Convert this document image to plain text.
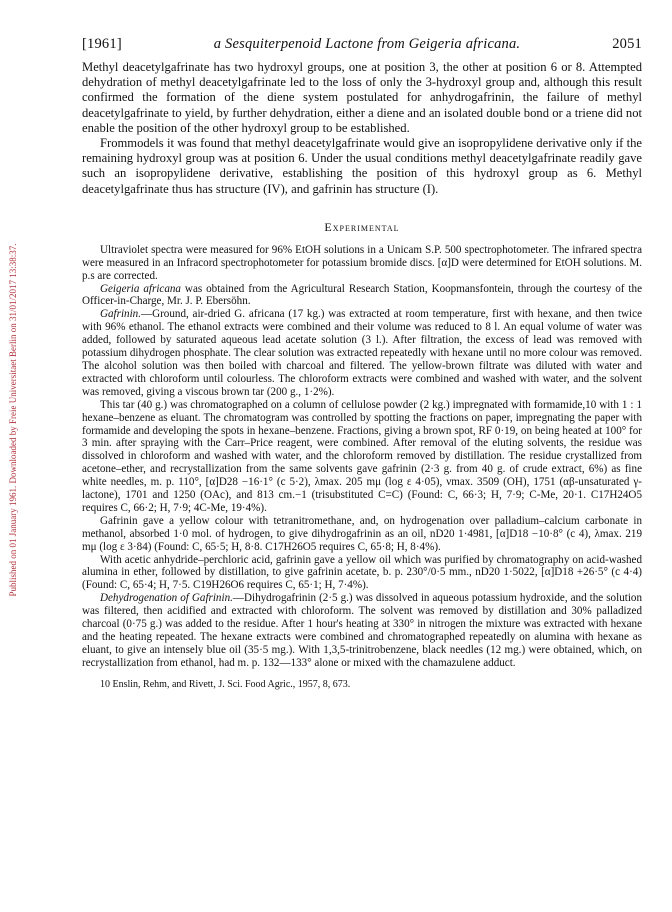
Published on 01 January 1961. Downloaded by Freie Universitaet Berlin on 31/01/2017 13:38:37.
[1961]	a Sesquiterpenoid Lactone from Geigeria africana.	2051

Methyl deacetylgafrinate has two hydroxyl groups, one at position 3, the other at position 6 or 8. Attempted dehydration of methyl deacetylgafrinate led to the loss of only the 3-hydroxyl group and, although this result confirmed the formation of the diene system postulated for anhydrogafrinin, the failure of methyl deacetylgafrinate to yield, by further dehydration, either a diene and an isolated double bond or a triene did not enable the position of the other hydroxyl group to be established.

Frommodels it was found that methyl deacetylgafrinate would give an isopropylidene derivative only if the remaining hydroxyl group was at position 6. Under the usual conditions methyl deacetylgafrinate readily gave such an isopropylidene derivative, establishing the position of this hydroxyl group as 6. Methyl deacetylgafrinate thus has structure (IV), and gafrinin has structure (I).

Experimental

Ultraviolet spectra were measured for 96% EtOH solutions in a Unicam S.P. 500 spectrophotometer. The infrared spectra were measured in an Infracord spectrophotometer for potassium bromide discs. [α]D were determined for EtOH solutions. M. p.s are corrected.

Geigeria africana was obtained from the Agricultural Research Station, Koopmansfontein, through the courtesy of the Officer-in-Charge, Mr. J. P. Ebersöhn.

Gafrinin.—Ground, air-dried G. africana (17 kg.) was extracted at room temperature, first with hexane, and then twice with 96% ethanol. The ethanol extracts were combined and their volume was reduced to 8 l. An equal volume of water was added, followed by saturated aqueous lead acetate solution (3 l.). After filtration, the excess of lead was removed with potassium dihydrogen phosphate. The clear solution was extracted repeatedly with hexane until no more colour was removed. The alcohol solution was then boiled with charcoal and filtered. The yellow-brown filtrate was diluted with water and extracted with chloroform until colourless. The chloroform extracts were combined and washed with water, and the solvent was removed, giving a viscous brown tar (200 g., 1·2%).

This tar (40 g.) was chromatographed on a column of cellulose powder (2 kg.) impregnated with formamide,10 with 1 : 1 hexane–benzene as eluant. The chromatogram was controlled by spotting the fractions on paper, impregnating the paper with formamide and developing the spots in hexane–benzene. Fractions, giving a brown spot, RF 0·19, on being heated at 100° for 3 min. after spraying with the Carr–Price reagent, were combined. After removal of the eluting solvents, the residue was dissolved in chloroform and washed with water, and the chloroform removed by distillation. The residue crystallized from acetone–ether, and recrystallization from the same solvents gave gafrinin (2·3 g. from 40 g. of crude extract, 6%) as fine white needles, m. p. 110°, [α]D28 −16·1° (c 5·2), λmax. 205 mμ (log ε 4·05), νmax. 3509 (OH), 1751 (αβ-unsaturated γ-lactone), 1701 and 1250 (OAc), and 813 cm.−1 (trisubstituted C=C) (Found: C, 66·3; H, 7·9; C-Me, 20·1. C17H24O5 requires C, 66·2; H, 7·9; 4C-Me, 19·4%).

Gafrinin gave a yellow colour with tetranitromethane, and, on hydrogenation over palladium–calcium carbonate in methanol, absorbed 1·0 mol. of hydrogen, to give dihydrogafrinin as an oil, nD20 1·4981, [α]D18 −10·8° (c 4), λmax. 219 mμ (log ε 3·84) (Found: C, 65·5; H, 8·8. C17H26O5 requires C, 65·8; H, 8·4%).

With acetic anhydride–perchloric acid, gafrinin gave a yellow oil which was purified by chromatography on acid-washed alumina in ether, followed by distillation, to give gafrinin acetate, b. p. 230°/0·5 mm., nD20 1·5022, [α]D18 +26·5° (c 4·4) (Found: C, 65·4; H, 7·5. C19H26O6 requires C, 65·1; H, 7·4%).

Dehydrogenation of Gafrinin.—Dihydrogafrinin (2·5 g.) was dissolved in aqueous potassium hydroxide, and the solution was filtered, then acidified and extracted with chloroform. The solvent was removed by distillation and 30% palladized charcoal (0·75 g.) was added to the residue. After 1 hour's heating at 330° in nitrogen the mixture was extracted with hexane and the heating repeated. The hexane extracts were combined and chromatographed repeatedly on alumina with hexane as eluant, to give an intensely blue oil (35·5 mg.). With 1,3,5-trinitrobenzene, black needles (12 mg.) were obtained, which, on recrystallization from ethanol, had m. p. 132—133° alone or mixed with the chamazulene adduct.

10 Enslin, Rehm, and Rivett, J. Sci. Food Agric., 1957, 8, 673.
